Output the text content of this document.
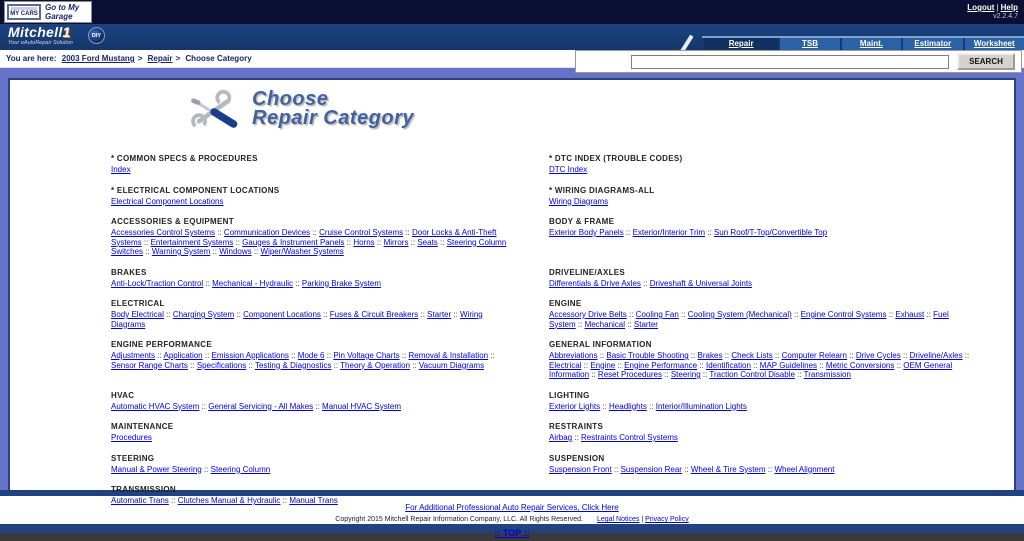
MY CARS
Go to My Garage
Logout | Help
v2.2.4.7
Mitchell1
Your eAutoRepair Solution
DIY
Repair	TSB	Maint.	Estimator	Worksheet
You are here: 2003 Ford Mustang > Repair > Choose Category	SEARCH
Choose
Repair Category
* COMMON SPECS & PROCEDURES
Index
* DTC INDEX (TROUBLE CODES)
DTC Index
* ELECTRICAL COMPONENT LOCATIONS
Electrical Component Locations
* WIRING DIAGRAMS-ALL
Wiring Diagrams
ACCESSORIES & EQUIPMENT
Accessories Control Systems :: Communication Devices :: Cruise Control Systems :: Door Locks & Anti-Theft Systems :: Entertainment Systems :: Gauges & Instrument Panels :: Horns :: Mirrors :: Seats :: Steering Column Switches :: Warning System :: Windows :: Wiper/Washer Systems
BODY & FRAME
Exterior Body Panels :: Exterior/Interior Trim :: Sun Roof/T-Top/Convertible Top
BRAKES
Anti-Lock/Traction Control :: Mechanical - Hydraulic :: Parking Brake System
DRIVELINE/AXLES
Differentials & Drive Axles :: Driveshaft & Universal Joints
ELECTRICAL
Body Electrical :: Charging System :: Component Locations :: Fuses & Circuit Breakers :: Starter :: Wiring Diagrams
ENGINE
Accessory Drive Belts :: Cooling Fan :: Cooling System (Mechanical) :: Engine Control Systems :: Exhaust :: Fuel System :: Mechanical :: Starter
ENGINE PERFORMANCE
Adjustments :: Application :: Emission Applications :: Mode 6 :: Pin Voltage Charts :: Removal & Installation :: Sensor Range Charts :: Specifications :: Testing & Diagnostics :: Theory & Operation :: Vacuum Diagrams
GENERAL INFORMATION
Abbreviations :: Basic Trouble Shooting :: Brakes :: Check Lists :: Computer Relearn :: Drive Cycles :: Driveline/Axles :: Electrical :: Engine :: Engine Performance :: Identification :: MAP Guidelines :: Metric Conversions :: OEM General Information :: Reset Procedures :: Steering :: Traction Control Disable :: Transmission
HVAC
Automatic HVAC System :: General Servicing - All Makes :: Manual HVAC System
LIGHTING
Exterior Lights :: Headlights :: Interior/Illumination Lights
MAINTENANCE
Procedures
RESTRAINTS
Airbag :: Restraints Control Systems
STEERING
Manual & Power Steering :: Steering Column
SUSPENSION
Suspension Front :: Suspension Rear :: Wheel & Tire System :: Wheel Alignment
TRANSMISSION
Automatic Trans :: Clutches Manual & Hydraulic :: Manual Trans
For Additional Professional Auto Repair Services, Click Here
Copyright 2015 Mitchell Repair Information Company, LLC. All Rights Reserved. Legal Notices | Privacy Policy
:: TOP ::
